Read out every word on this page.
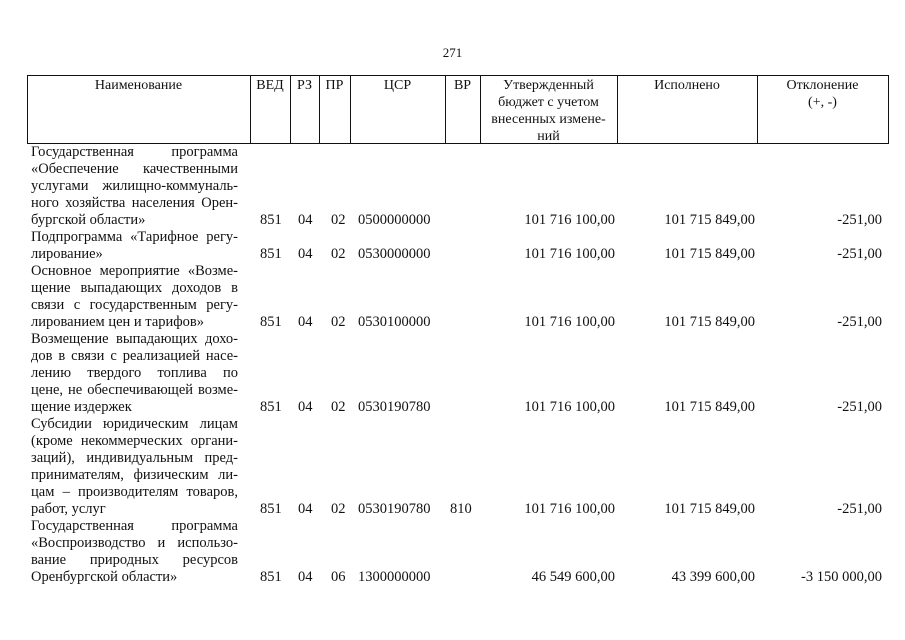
271
Наименование	ВЕД РЗ ПР	ЦСР	ВР	Утвержденный
бюджет с учетом
внесенных измене-
ний
Исполнено	Отклонение
(+, -)
Государственная программа
«Обеспечение качественными
услугами жилищно-коммуналь-
ного хозяйства населения Орен-
бургской области»	851 04 02 0500000000	101 716 100,00	101 715 849,00	-251,00
Подпрограмма «Тарифное регу-
лирование»	851 04 02 0530000000	101 716 100,00	101 715 849,00	-251,00
Основное мероприятие «Возме-
щение выпадающих доходов в
связи с государственным регу-
лированием цен и тарифов»	851 04 02 0530100000	101 716 100,00	101 715 849,00	-251,00
Возмещение выпадающих дохо-
дов в связи с реализацией насе-
лению твердого топлива по
цене, не обеспечивающей возме-
щение издержек	851 04 02 0530190780	101 716 100,00	101 715 849,00	-251,00
Субсидии юридическим лицам
(кроме некоммерческих органи-
заций), индивидуальным пред-
принимателям, физическим ли-
цам – производителям товаров,
работ, услуг	851 04 02 0530190780 810	101 716 100,00	101 715 849,00	-251,00
Государственная программа
«Воспроизводство и использо-
вание природных ресурсов
Оренбургской области»	851 04 06 1300000000	46 549 600,00	43 399 600,00	-3 150 000,00
